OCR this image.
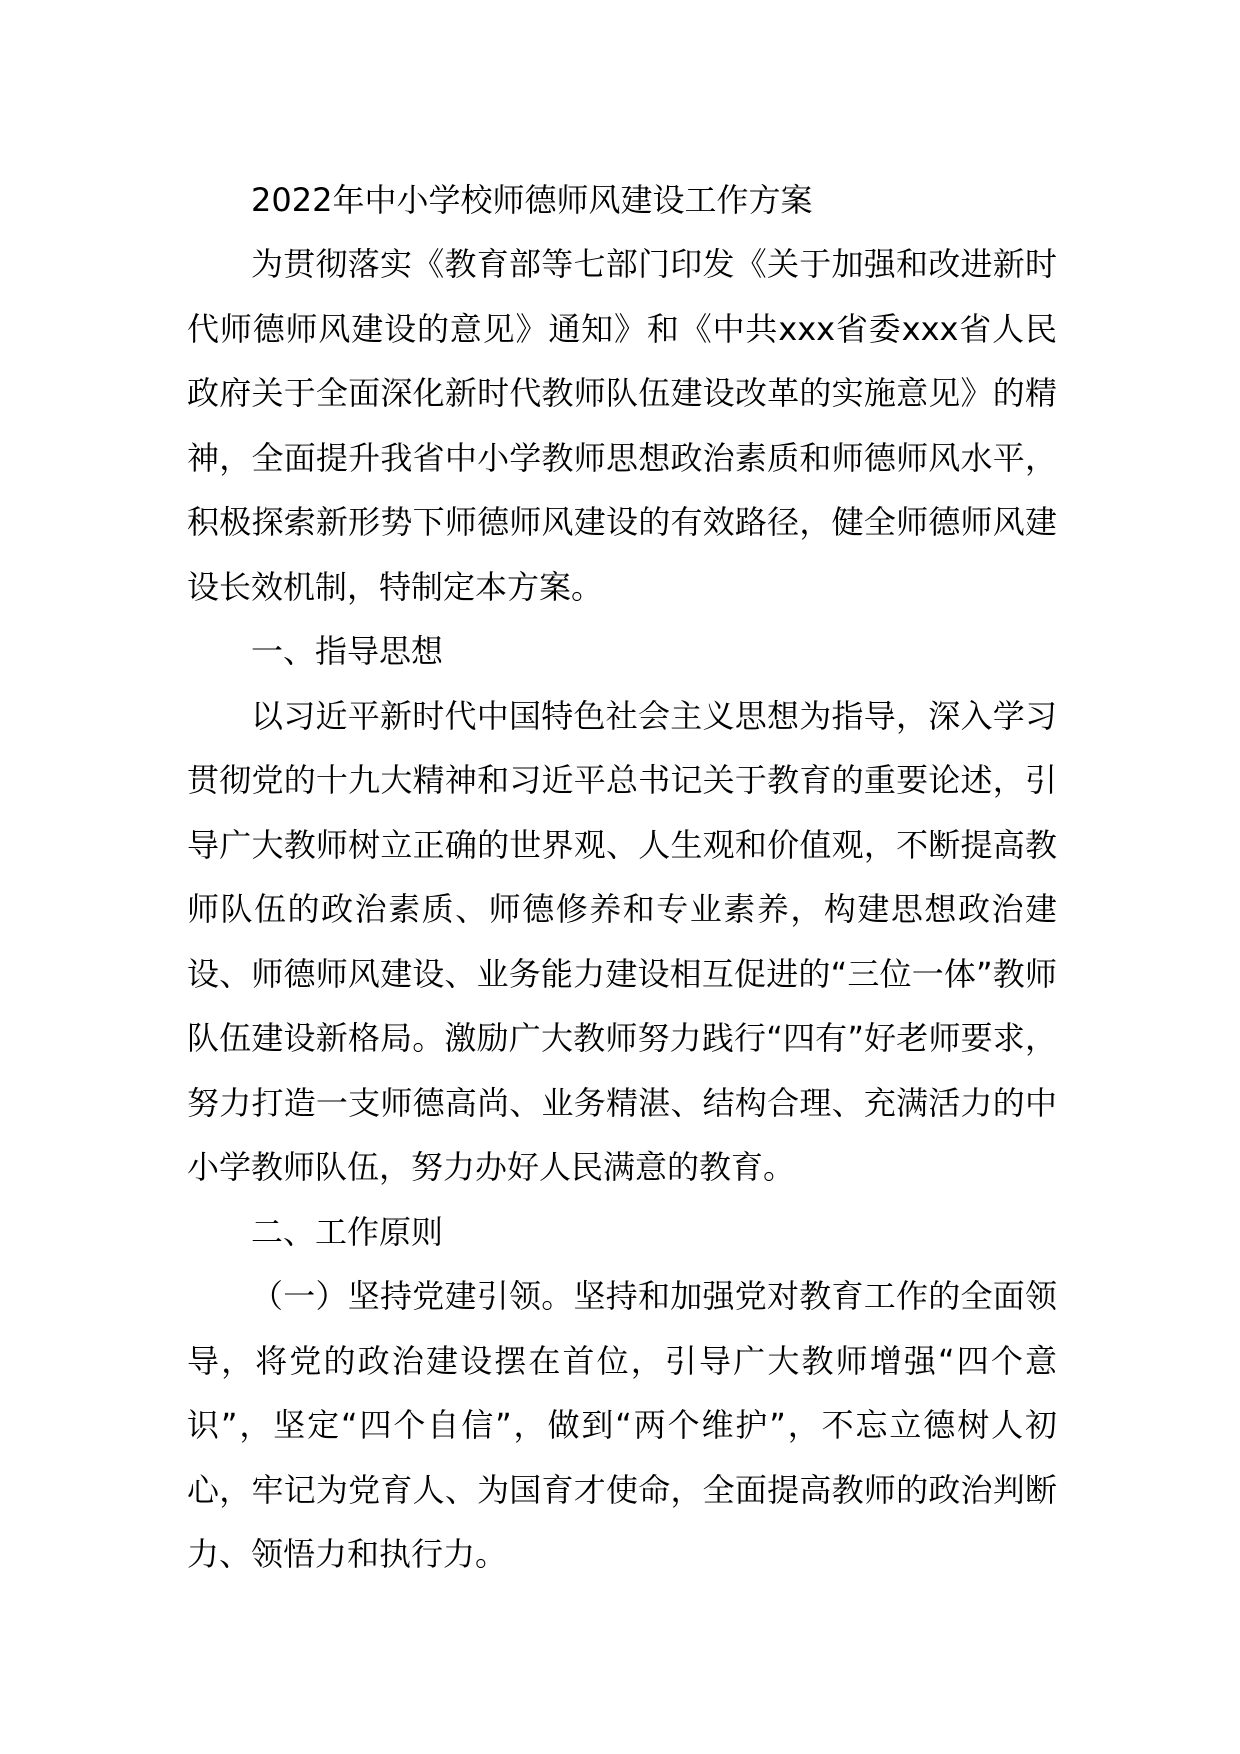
2022年中小学校师德师风建设工作方案

为贯彻落实《教育部等七部门印发《关于加强和改进新时代师德师风建设的意见》通知》和《中共xxx省委xxx省人民政府关于全面深化新时代教师队伍建设改革的实施意见》的精神，全面提升我省中小学教师思想政治素质和师德师风水平，积极探索新形势下师德师风建设的有效路径，健全师德师风建设长效机制，特制定本方案。

一、指导思想

以习近平新时代中国特色社会主义思想为指导，深入学习贯彻党的十九大精神和习近平总书记关于教育的重要论述，引导广大教师树立正确的世界观、人生观和价值观，不断提高教师队伍的政治素质、师德修养和专业素养，构建思想政治建设、师德师风建设、业务能力建设相互促进的“三位一体”教师队伍建设新格局。激励广大教师努力践行“四有”好老师要求，努力打造一支师德高尚、业务精湛、结构合理、充满活力的中小学教师队伍，努力办好人民满意的教育。

二、工作原则

（一）坚持党建引领。坚持和加强党对教育工作的全面领导，将党的政治建设摆在首位，引导广大教师增强“四个意识”，坚定“四个自信”，做到“两个维护”，不忘立德树人初心，牢记为党育人、为国育才使命，全面提高教师的政治判断力、领悟力和执行力。
